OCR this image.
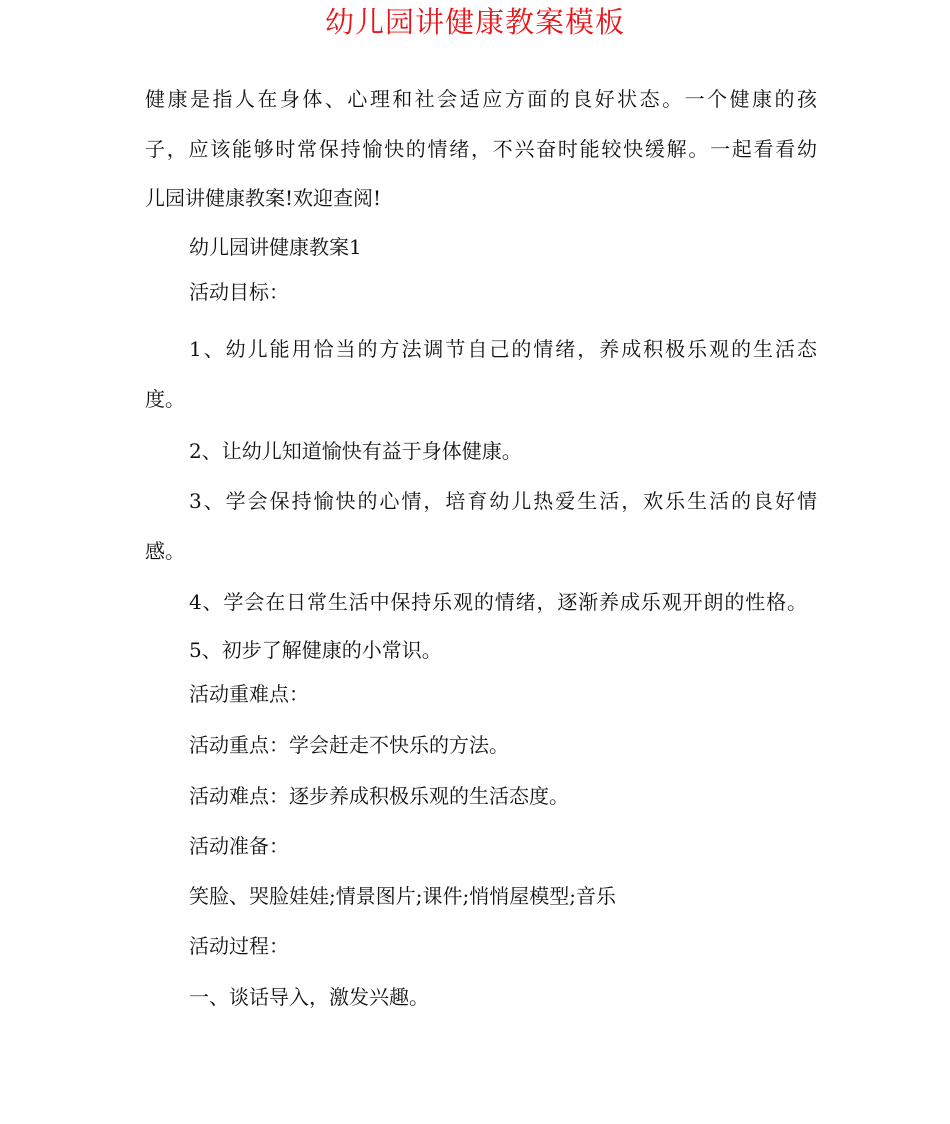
幼儿园讲健康教案模板
健康是指人在身体、心理和社会适应方面的良好状态。一个健康的孩
子，应该能够时常保持愉快的情绪，不兴奋时能较快缓解。一起看看幼
儿园讲健康教案!欢迎查阅!
幼儿园讲健康教案1
活动目标：
1、幼儿能用恰当的方法调节自己的情绪，养成积极乐观的生活态
度。
2、让幼儿知道愉快有益于身体健康。
3、学会保持愉快的心情，培育幼儿热爱生活，欢乐生活的良好情
感。
4、学会在日常生活中保持乐观的情绪，逐渐养成乐观开朗的性格。
5、初步了解健康的小常识。
活动重难点：
活动重点：学会赶走不快乐的方法。
活动难点：逐步养成积极乐观的生活态度。
活动准备：
笑脸、哭脸娃娃;情景图片;课件;悄悄屋模型;音乐
活动过程：
一、谈话导入，激发兴趣。
